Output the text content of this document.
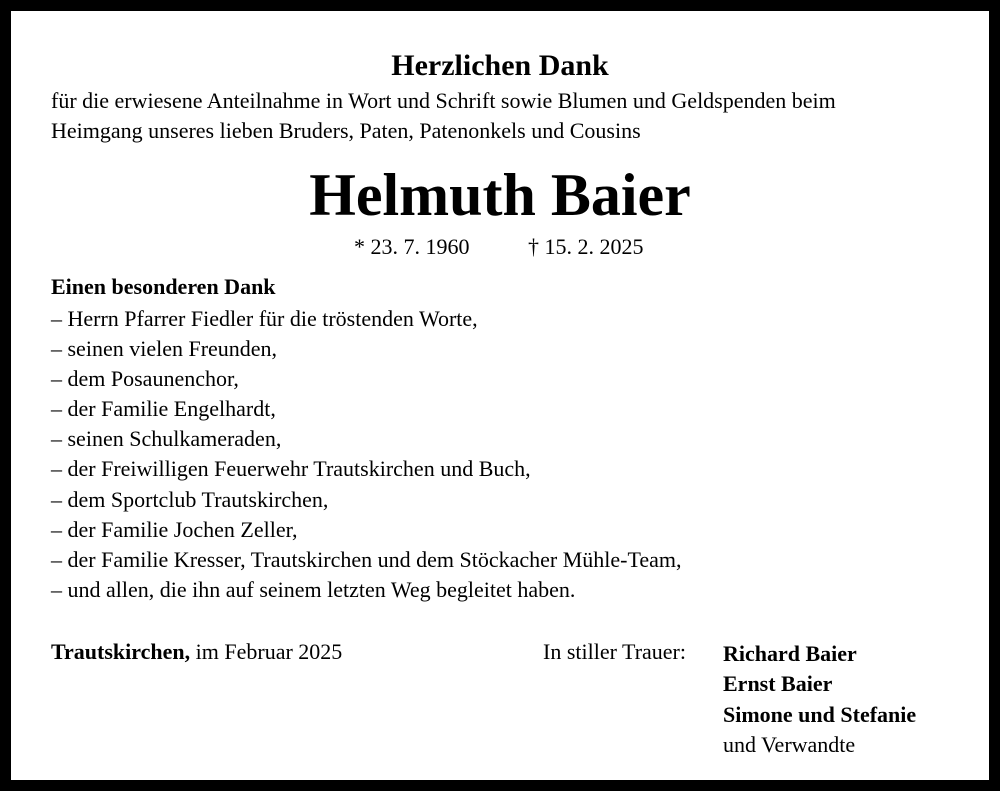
Herzlichen Dank
für die erwiesene Anteilnahme in Wort und Schrift sowie Blumen und Geldspenden beim
Heimgang unseres lieben Bruders, Paten, Patenonkels und Cousins
Helmuth Baier
* 23. 7. 1960	† 15. 2. 2025
Einen besonderen Dank
– Herrn Pfarrer Fiedler für die tröstenden Worte,
– seinen vielen Freunden,
– dem Posaunenchor,
– der Familie Engelhardt,
– seinen Schulkameraden,
– der Freiwilligen Feuerwehr Trautskirchen und Buch,
– dem Sportclub Trautskirchen,
– der Familie Jochen Zeller,
– der Familie Kresser, Trautskirchen und dem Stöckacher Mühle-Team,
– und allen, die ihn auf seinem letzten Weg begleitet haben.
Trautskirchen, im Februar 2025	In stiller Trauer: Richard Baier
Ernst Baier
Simone und Stefanie
und Verwandte
